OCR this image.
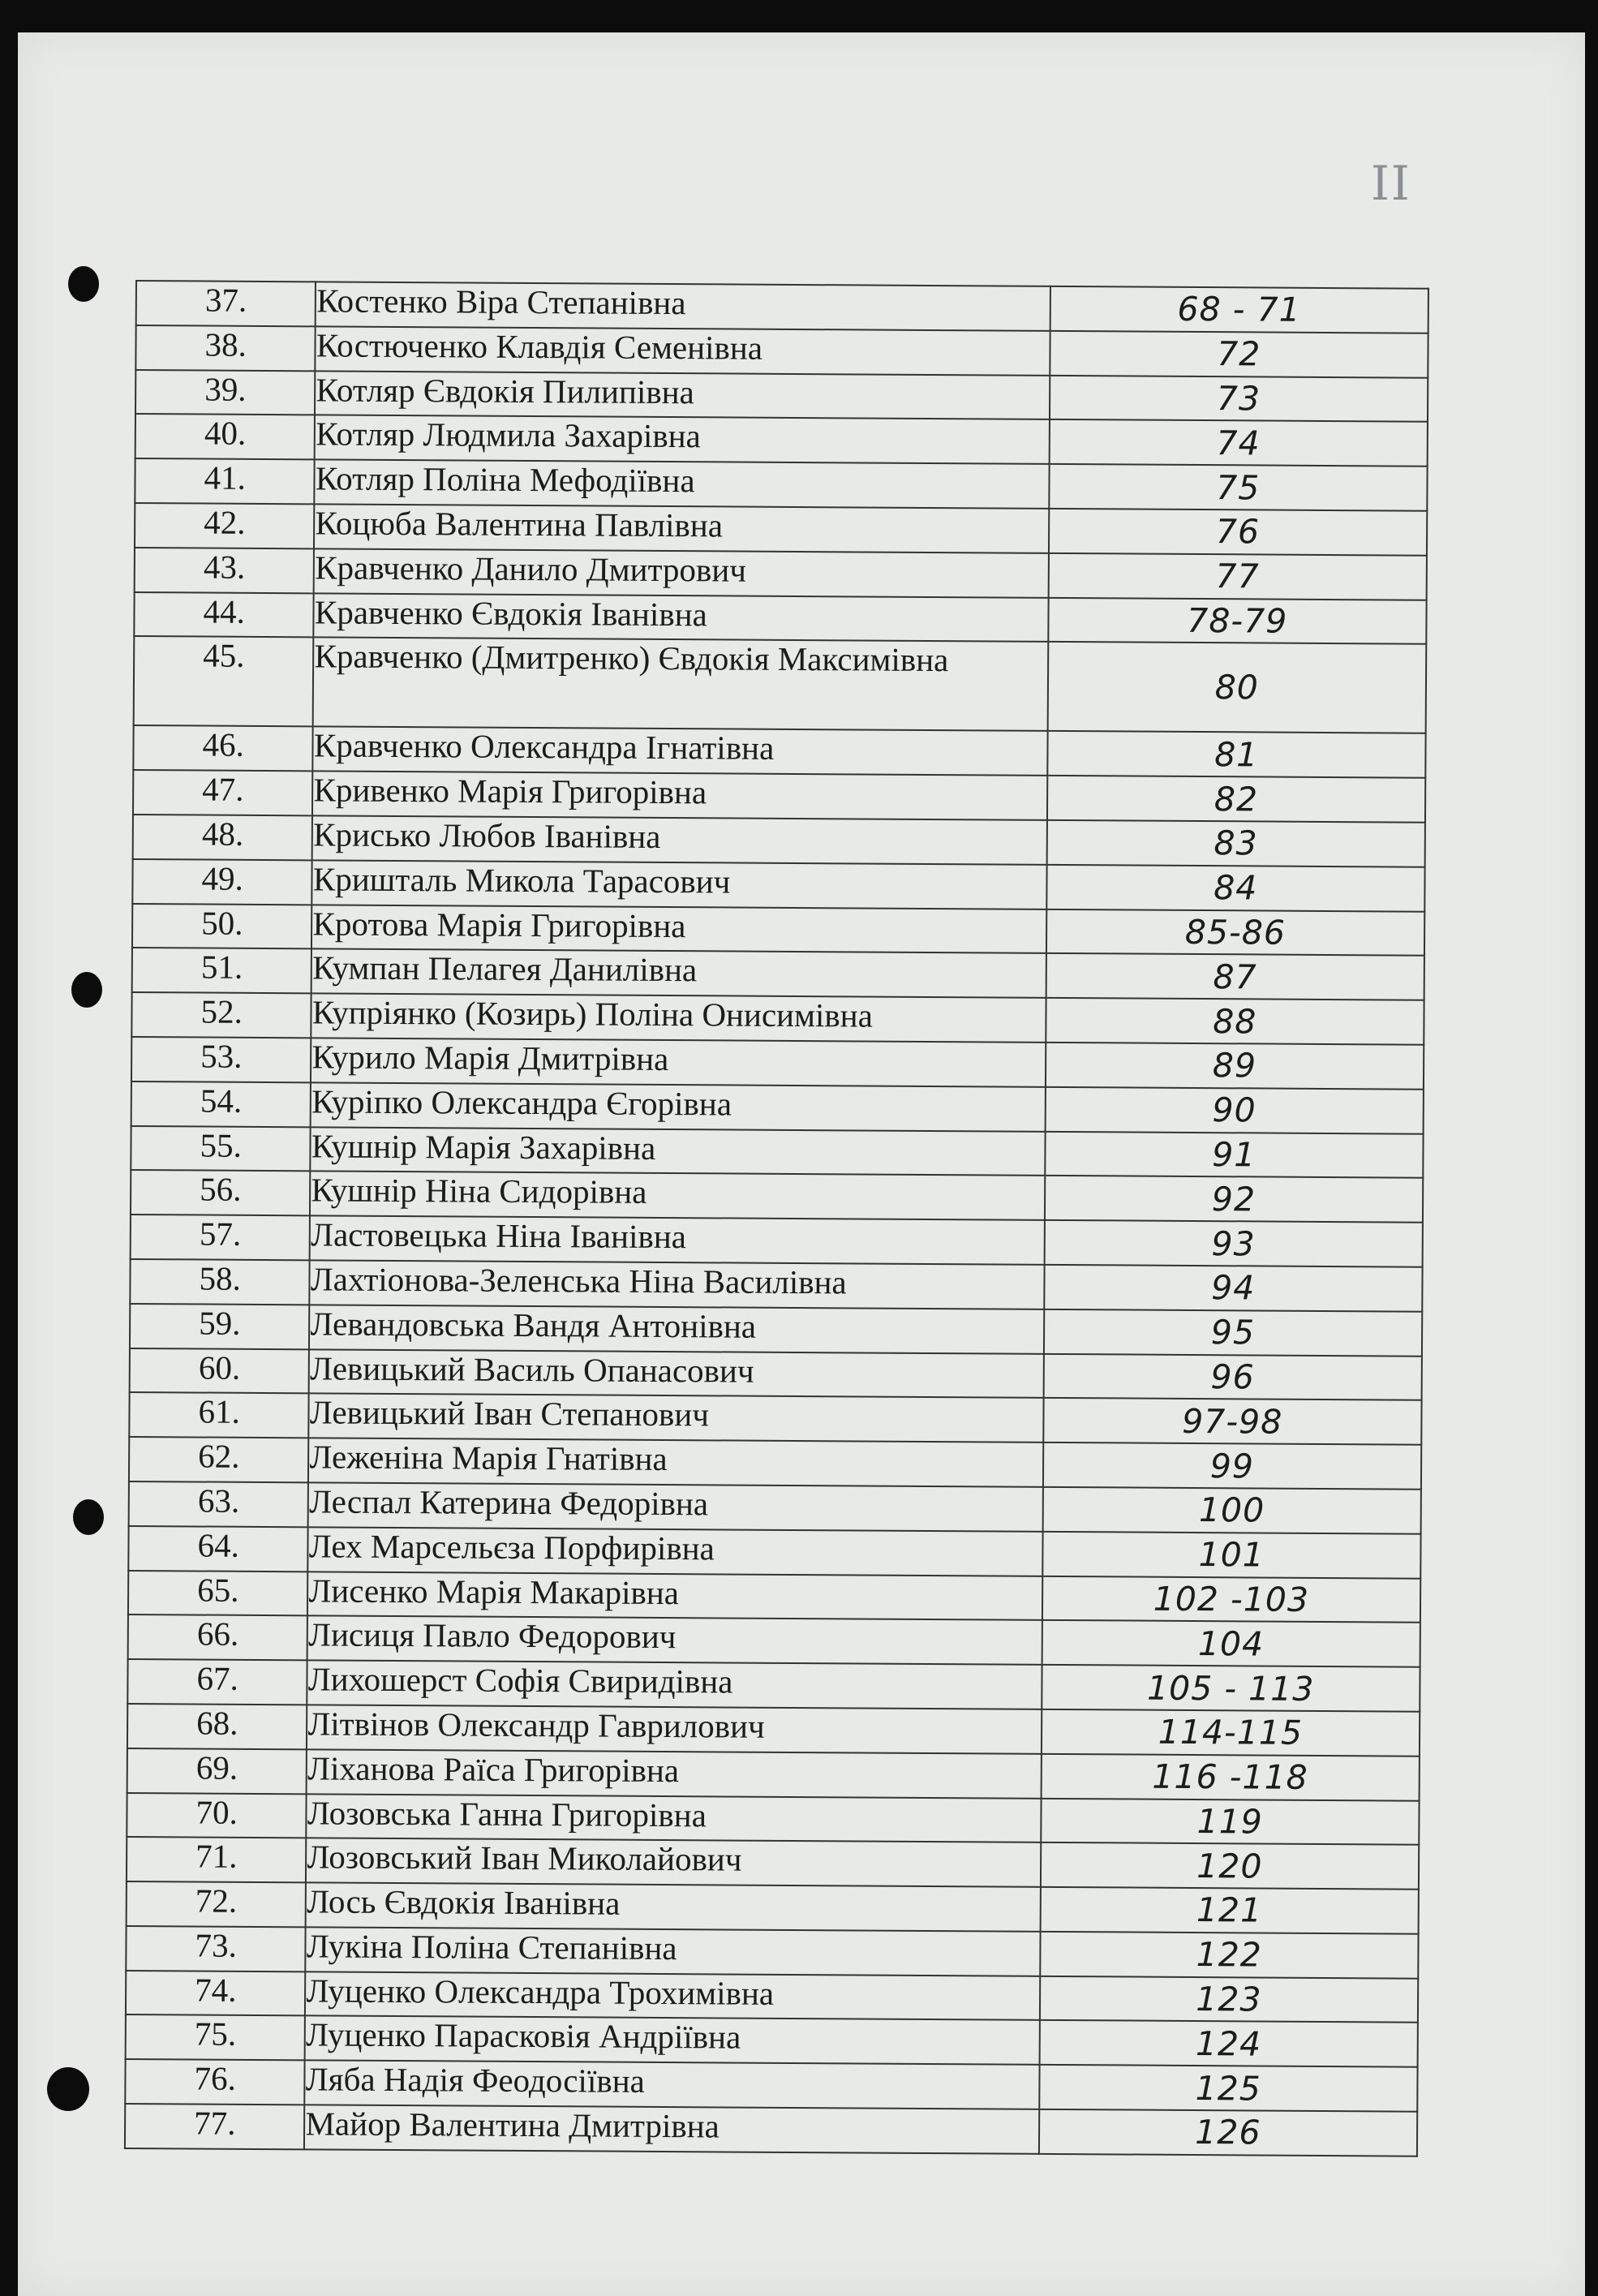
II
37.	Костенко Віра Степанівна	68 - 71
38.	Костюченко Клавдія Семенівна	72
39.	Котляр Євдокія Пилипівна	73
40.	Котляр Людмила Захарівна	74
41.	Котляр Поліна Мефодіївна	75
42.	Коцюба Валентина Павлівна	76
43.	Кравченко Данило Дмитрович	77
44.	Кравченко Євдокія Іванівна	78-79
45.	Кравченко (Дмитренко) Євдокія Максимівна	80
46.	Кравченко Олександра Ігнатівна	81
47.	Кривенко Марія Григорівна	82
48.	Крисько Любов Іванівна	83
49.	Кришталь Микола Тарасович	84
50.	Кротова Марія Григорівна	85-86
51.	Кумпан Пелагея Данилівна	87
52.	Купріянко (Козирь) Поліна Онисимівна	88
53.	Курило Марія Дмитрівна	89
54.	Куріпко Олександра Єгорівна	90
55.	Кушнір Марія Захарівна	91
56.	Кушнір Ніна Сидорівна	92
57.	Ластовецька Ніна Іванівна	93
58.	Лахтіонова-Зеленська Ніна Василівна	94
59.	Левандовська Вандя Антонівна	95
60.	Левицький Василь Опанасович	96
61.	Левицький Іван Степанович	97-98
62.	Леженіна Марія Гнатівна	99
63.	Леспал Катерина Федорівна	100
64.	Лех Марсельєза Порфирівна	101
65.	Лисенко Марія Макарівна	102 -103
66.	Лисиця Павло Федорович	104
67.	Лихошерст Софія Свиридівна	105 - 113
68.	Літвінов Олександр Гаврилович	114-115
69.	Ліханова Раїса Григорівна	116 -118
70.	Лозовська Ганна Григорівна	119
71.	Лозовський Іван Миколайович	120
72.	Лось Євдокія Іванівна	121
73.	Лукіна Поліна Степанівна	122
74.	Луценко Олександра Трохимівна	123
75.	Луценко Парасковія Андріївна	124
76.	Ляба Надія Феодосіївна	125
77.	Майор Валентина Дмитрівна	126
